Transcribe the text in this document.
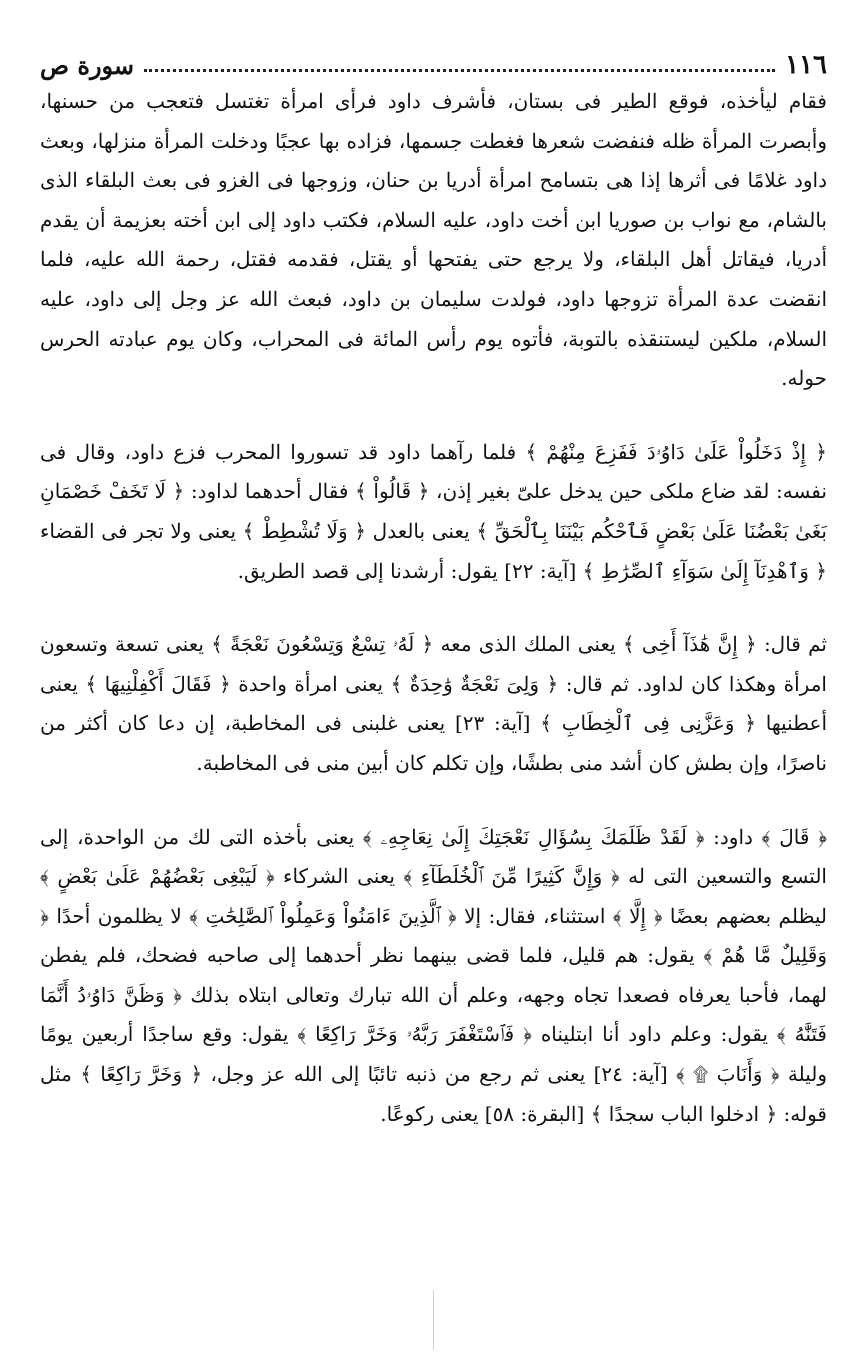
١١٦
سورة ص

فقام ليأخذه، فوقع الطير فى بستان، فأشرف داود فرأى امرأة تغتسل فتعجب من حسنها، وأبصرت المرأة ظله فنفضت شعرها فغطت جسمها، فزاده بها عجبًا ودخلت المرأة منزلها، وبعث داود غلامًا فى أثرها إذا هى بتسامح امرأة أدريا بن حنان، وزوجها فى الغزو فى بعث البلقاء الذى بالشام، مع نواب بن صوريا ابن أخت داود، عليه السلام، فكتب داود إلى ابن أخته بعزيمة أن يقدم أدريا، فيقاتل أهل البلقاء، ولا يرجع حتى يفتحها أو يقتل، فقدمه فقتل، رحمة الله عليه، فلما انقضت عدة المرأة تزوجها داود، فولدت سليمان بن داود، فبعث الله عز وجل إلى داود، عليه السلام، ملكين ليستنقذه بالتوبة، فأتوه يوم رأس المائة فى المحراب، وكان يوم عبادته الحرس حوله.

﴿ إِذْ دَخَلُواْ عَلَىٰ دَاوُۥدَ فَفَزِعَ مِنْهُمْ ﴾ فلما رآهما داود قد تسوروا المحرب فزع داود، وقال فى نفسه: لقد ضاع ملكى حين يدخل علىّ بغير إذن، ﴿ قَالُواْ ﴾ فقال أحدهما لداود: ﴿ لَا تَخَفْ خَصْمَانِ بَغَىٰ بَعْضُنَا عَلَىٰ بَعْضٍ فَٱحْكُم بَيْنَنَا بِٱلْحَقِّ ﴾ يعنى بالعدل ﴿ وَلَا تُشْطِطْ ﴾ يعنى ولا تجر فى القضاء ﴿ وَٱهْدِنَآ إِلَىٰ سَوَآءِ ٱلصِّرَٰطِ ﴾ [آية: ٢٢] يقول: أرشدنا إلى قصد الطريق.

ثم قال: ﴿ إِنَّ هَٰذَآ أَخِى ﴾ يعنى الملك الذى معه ﴿ لَهُۥ تِسْعٌ وَتِسْعُونَ نَعْجَةً ﴾ يعنى تسعة وتسعون امرأة وهكذا كان لداود. ثم قال: ﴿ وَلِىَ نَعْجَةٌ وَٰحِدَةٌ ﴾ يعنى امرأة واحدة ﴿ فَقَالَ أَكْفِلْنِيهَا ﴾ يعنى أعطنيها ﴿ وَعَزَّنِى فِى ٱلْخِطَابِ ﴾ [آية: ٢٣] يعنى غلبنى فى المخاطبة، إن دعا كان أكثر من ناصرًا، وإن بطش كان أشد منى بطشًا، وإن تكلم كان أبين منى فى المخاطبة.

﴿ قَالَ ﴾ داود: ﴿ لَقَدْ ظَلَمَكَ بِسُؤَالِ نَعْجَتِكَ إِلَىٰ نِعَاجِهِۦ ﴾ يعنى بأخذه التى لك من الواحدة، إلى التسع والتسعين التى له ﴿ وَإِنَّ كَثِيرًا مِّنَ ٱلْخُلَطَآءِ ﴾ يعنى الشركاء ﴿ لَيَبْغِى بَعْضُهُمْ عَلَىٰ بَعْضٍ ﴾ ليظلم بعضهم بعضًا ﴿ إِلَّا ﴾ استثناء، فقال: إلا ﴿ ٱلَّذِينَ ءَامَنُواْ وَعَمِلُواْ ٱلصَّٰلِحَٰتِ ﴾ لا يظلمون أحدًا ﴿ وَقَلِيلٌ مَّا هُمْ ﴾ يقول: هم قليل، فلما قضى بينهما نظر أحدهما إلى صاحبه فضحك، فلم يفطن لهما، فأحبا يعرفاه فصعدا تجاه وجهه، وعلم أن الله تبارك وتعالى ابتلاه بذلك ﴿ وَظَنَّ دَاوُۥدُ أَنَّمَا فَتَنَّٰهُ ﴾ يقول: وعلم داود أنا ابتليناه ﴿ فَٱسْتَغْفَرَ رَبَّهُۥ وَخَرَّ رَاكِعًا ﴾ يقول: وقع ساجدًا أربعين يومًا وليلة ﴿ وَأَنَابَ ۩ ﴾ [آية: ٢٤] يعنى ثم رجع من ذنبه تائبًا إلى الله عز وجل، ﴿ وَخَرَّ رَاكِعًا ﴾ مثل قوله: ﴿ ادخلوا الباب سجدًا ﴾ [البقرة: ٥٨] يعنى ركوعًا.
